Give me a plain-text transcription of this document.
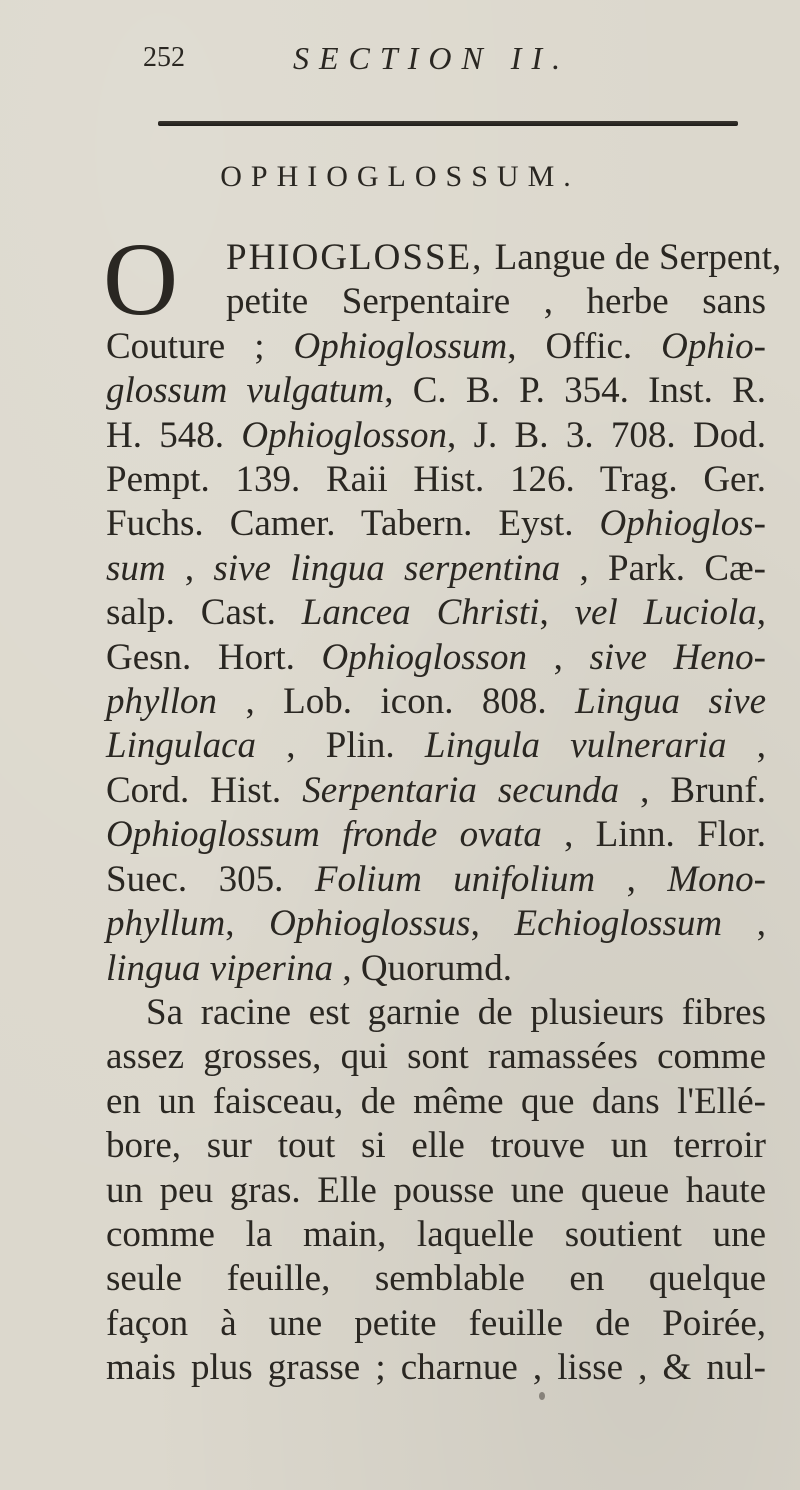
252	SECTION II.
OPHIOGLOSSUM.
O	PHIOGLOSSE, Langue de Serpent,
petite Serpentaire , herbe sans
Couture ; Ophioglossum, Offic. Ophio-
glossum vulgatum, C. B. P. 354. Inst. R.
H. 548. Ophioglosson, J. B. 3. 708. Dod.
Pempt. 139. Raii Hist. 126. Trag. Ger.
Fuchs. Camer. Tabern. Eyst. Ophioglos-
sum , sive lingua serpentina , Park. Cæ-
salp. Cast. Lancea Christi, vel Luciola,
Gesn. Hort. Ophioglosson , sive Heno-
phyllon , Lob. icon. 808. Lingua sive
Lingulaca , Plin. Lingula vulneraria ,
Cord. Hist. Serpentaria secunda , Brunf.
Ophioglossum fronde ovata , Linn. Flor.
Suec. 305. Folium unifolium , Mono-
phyllum, Ophioglossus, Echioglossum ,
lingua viperina , Quorumd.
Sa racine est garnie de plusieurs fibres
assez grosses, qui sont ramassées comme
en un faisceau, de même que dans l'Ellé-
bore, sur tout si elle trouve un terroir
un peu gras. Elle pousse une queue haute
comme la main, laquelle soutient une
seule feuille, semblable en quelque
façon à une petite feuille de Poirée,
mais plus grasse ; charnue , lisse , & nul-
